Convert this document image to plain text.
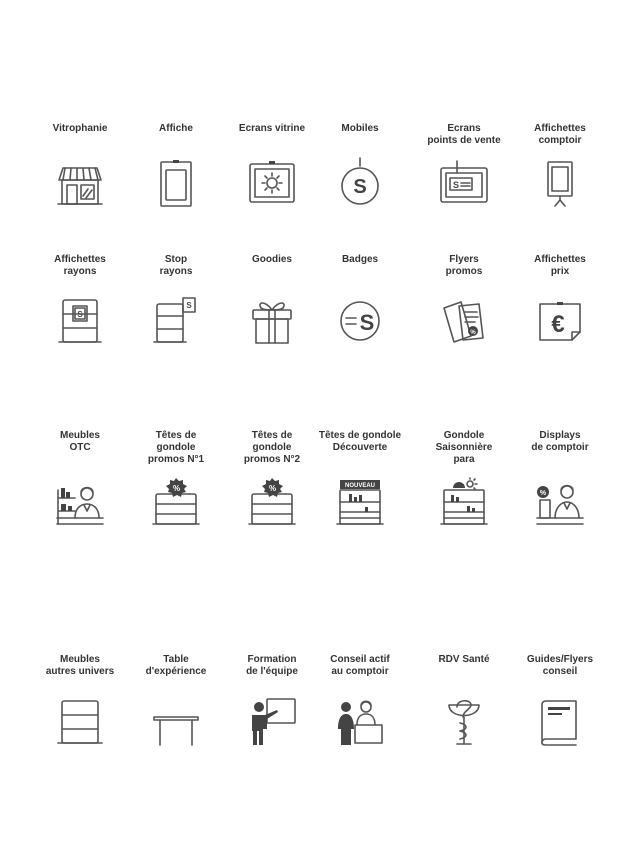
Vitrophanie	Affiche	Ecrans vitrine	Mobiles
S
Ecrans
points de vente
S
Affichettes
comptoir
Affichettes
rayons
S
Stop
rayons
S
Goodies	Badges
S
Flyers
promos
%
Affichettes
prix
€
Meubles
OTC
Têtes de
gondole
promos N°1
%
Têtes de
gondole
promos N°2
%
Têtes de gondole
Découverte
NOUVEAU
Gondole
Saisonnière
para
Displays
de comptoir
%
Meubles
autres univers
Table
d'expérience
Formation
de l'équipe
Conseil actif
au comptoir
RDV Santé	Guides/Flyers
conseil
